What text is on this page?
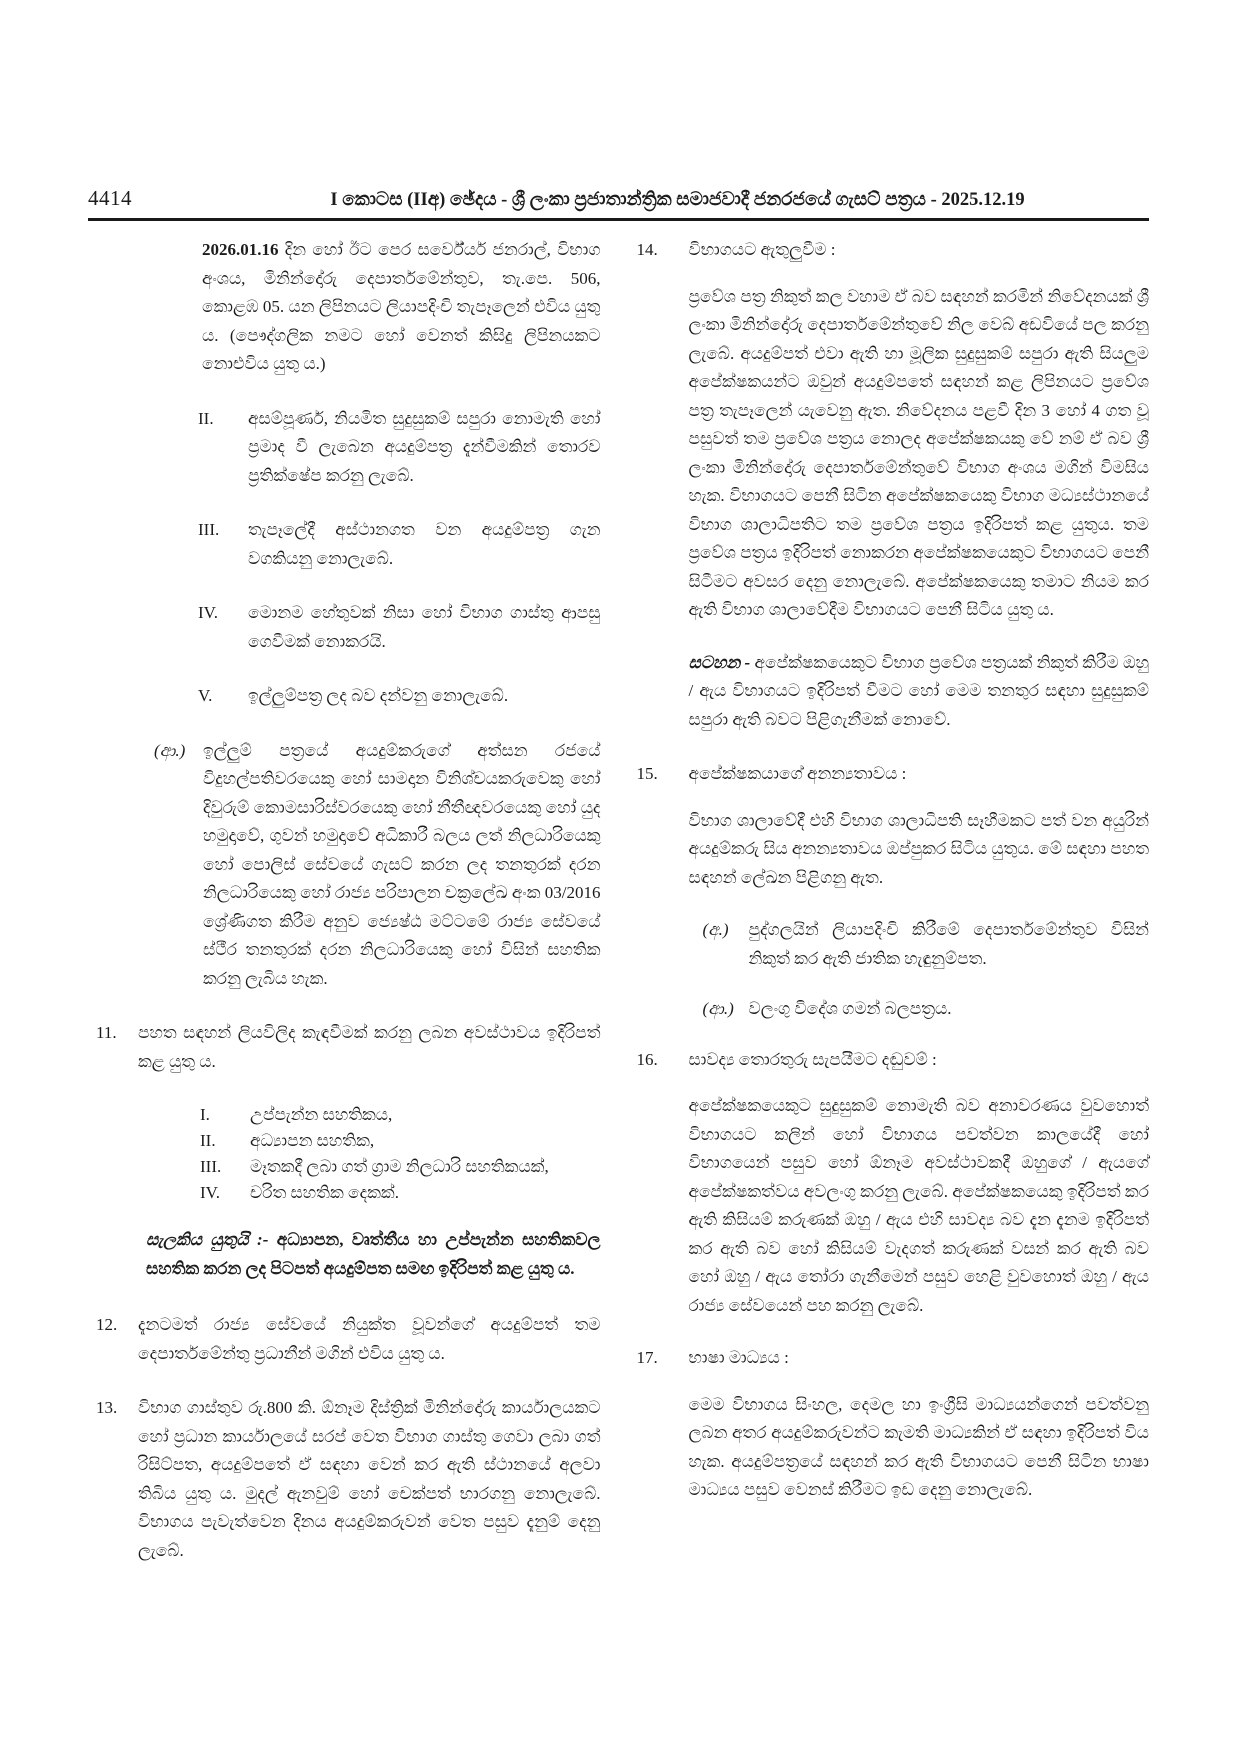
4414	I කොටස (IIඅ) ඡේදය - ශ්‍රී ලංකා ප්‍රජාතාන්ත්‍රික සමාජවාදී ජනරජයේ ගැසට් පත්‍රය - 2025.12.19

2026.01.16 දින හෝ ඊට පෙර සර්වේයර් ජනරාල්, විභාග අංශය, මිනින්දෝරු දෙපාර්තමේන්තුව, තැ.පෙ. 506, කොළඹ 05. යන ලිපිනයට ලියාපදිංචි තැපෑලෙන් එවිය යුතු ය. (පෞද්ගලික නමට හෝ වෙනත් කිසිදු ලිපිනයකට නොඑවිය යුතු ය.)

II.	අසම්පූර්ණ, නියමිත සුදුසුකම් සපුරා නොමැති හෝ ප්‍රමාද වී ලැබෙන අයදුම්පත්‍ර දැන්වීමකින් තොරව ප්‍රතික්ෂේප කරනු ලැබේ.

III.	තැපෑලේදී අස්ථානගත වන අයදුම්පත්‍ර ගැන වගකියනු නොලැබේ.

IV.	මොනම හේතුවක් නිසා හෝ විභාග ගාස්තු ආපසු ගෙවීමක් නොකරයි.

V.	ඉල්ලුම්පත්‍ර ලද බව දන්වනු නොලැබේ.

(ආ.)	ඉල්ලුම් පත්‍රයේ අයදුම්කරුගේ අත්සන රජයේ විදුහල්පතිවරයෙකු හෝ සාමදාන විනිශ්චයකරුවෙකු හෝ දිවුරුම් කොමසාරිස්වරයෙකු හෝ නීතීඥවරයෙකු හෝ යුද හමුදාවේ, ගුවන් හමුදාවේ අධිකාරී බලය ලත් නිලධාරියෙකු හෝ පොලිස් සේවයේ ගැසට් කරන ලද තනතුරක් දරන නිලධාරියෙකු හෝ රාජ්‍ය පරිපාලන චක්‍රලේඛ අංක 03/2016 ශ්‍රේණිගත කිරීම අනුව ජ්‍යෙෂ්ඨ මට්ටමේ රාජ්‍ය සේවයේ ස්ථීර තනතුරක් දරන නිලධාරියෙකු හෝ විසින් සහතික කරනු ලැබිය හැක.

11.	පහත සඳහන් ලියවිලිද කැඳවීමක් කරනු ලබන අවස්ථාවය ඉදිරිපත් කළ යුතු ය.

I.	උප්පැන්න සහතිකය,

II.	අධ්‍යාපන සහතික,

III.	මෑතකදී ලබා ගත් ග්‍රාම නිලධාරි සහතිකයක්,

IV.	චරිත සහතික දෙකක්.

සැලකිය යුතුයි :- අධ්‍යාපන, වෘත්තීය හා උප්පැන්න සහතිකවල සහතික කරන ලද පිටපත් අයදුම්පත සමඟ ඉදිරිපත් කළ යුතු ය.

12.	දැනටමත් රාජ්‍ය සේවයේ නියුක්ත වූවන්ගේ අයදුම්පත් තම දෙපාර්තමේන්තු ප්‍රධානීන් මගින් එවිය යුතු ය.

13.	විභාග ගාස්තුව රු.800 කි. ඕනෑම දිස්ත්‍රික් මිනින්දෝරු කාර්යාලයකට හෝ ප්‍රධාන කාර්යාලයේ සරප් වෙත විභාග ගාස්තු ගෙවා ලබා ගත් රිසිට්පත, අයදුම්පතේ ඒ සඳහා වෙන් කර ඇති ස්ථානයේ අලවා තිබිය යුතු ය. මුදල් ඇනවුම් හෝ චෙක්පත් භාරගනු නොලැබේ. විභාගය පැවැත්වෙන දිනය අයදුම්කරුවන් වෙත පසුව දැනුම් දෙනු ලැබේ.

14.	විභාගයට ඇතුලුවීම :

ප්‍රවේශ පත්‍ර නිකුත් කල වහාම ඒ බව සඳහන් කරමින් නිවේදනයක් ශ්‍රී ලංකා මිනින්දෝරු දෙපාර්තමේන්තුවේ නිල වෙබ් අඩවියේ පල කරනු ලැබේ. අයදුම්පත් එවා ඇති හා මූලික සුදුසුකම් සපුරා ඇති සියලුම අපේක්ෂකයන්ට ඔවුන් අයදුම්පතේ සඳහන් කළ ලිපිනයට ප්‍රවේශ පත්‍ර තැපෑලෙන් යැවෙනු ඇත. නිවේදනය පළවී දින 3 හෝ 4 ගත වූ පසුවත් තම ප්‍රවේශ පත්‍රය නොලද අපේක්ෂකයකු වේ නම් ඒ බව ශ්‍රී ලංකා මිනින්දෝරු දෙපාර්තමේන්තුවේ විභාග අංශය මගින් විමසිය හැක. විභාගයට පෙනී සිටින අපේක්ෂකයෙකු විභාග මධ්‍යස්ථානයේ විභාග ශාලාධිපතිට තම ප්‍රවේශ පත්‍රය ඉදිරිපත් කළ යුතුය. තම ප්‍රවේශ පත්‍රය ඉදිරිපත් නොකරන අපේක්ෂකයෙකුට විභාගයට පෙනී සිටීමට අවසර දෙනු නොලැබේ. අපේක්ෂකයෙකු තමාට නියම කර ඇති විභාග ශාලාවේදීම විභාගයට පෙනී සිටිය යුතු ය.

සටහන - අපේක්ෂකයෙකුට විභාග ප්‍රවේශ පත්‍රයක් නිකුත් කිරීම ඔහු / ඇය විභාගයට ඉදිරිපත් වීමට හෝ මෙම තනතුර සඳහා සුදුසුකම් සපුරා ඇති බවට පිළිගැනීමක් නොවේ.

15.	අපේක්ෂකයාගේ අනන්‍යතාවය :

විභාග ශාලාවේදී එහි විභාග ශාලාධිපති සෑහීමකට පත් වන අයුරින් අයදුම්කරු සිය අනන්‍යතාවය ඔප්පුකර සිටිය යුතුය. මේ සඳහා පහත සඳහන් ලේඛන පිළිගනු ඇත.

(අ.)	පුද්ගලයින් ලියාපදිංචි කිරීමේ දෙපාර්තමේන්තුව විසින් නිකුත් කර ඇති ජාතික හැඳුනුම්පත.

(ආ.) වලංගු විදේශ ගමන් බලපත්‍රය.

16.	සාවද්‍ය තොරතුරු සැපයීමට දඬුවම් :

අපේක්ෂකයෙකුට සුදුසුකම් නොමැති බව අනාවරණය වුවහොත් විභාගයට කලින් හෝ විභාගය පවත්වන කාලයේදී හෝ විභාගයෙන් පසුව හෝ ඕනෑම අවස්ථාවකදී ඔහුගේ / ඇයගේ අපේක්ෂකත්වය අවලංගු කරනු ලැබේ. අපේක්ෂකයෙකු ඉදිරිපත් කර ඇති කිසියම් කරුණක් ඔහු / ඇය එහි සාවද්‍ය බව දැන දැනම ඉදිරිපත් කර ඇති බව හෝ කිසියම් වැදගත් කරුණක් වසන් කර ඇති බව හෝ ඔහු / ඇය තෝරා ගැනීමෙන් පසුව හෙළි වුවහොත් ඔහු / ඇය රාජ්‍ය සේවයෙන් පහ කරනු ලැබේ.

17.	භාෂා මාධ්‍යය :

මෙම විභාගය සිංහල, දෙමල හා ඉංග්‍රීසි මාධ්‍යයන්ගෙන් පවත්වනු ලබන අතර අයදුම්කරුවන්ට කැමති මාධ්‍යකින් ඒ සඳහා ඉදිරිපත් විය හැක. අයදුම්පත්‍රයේ සඳහන් කර ඇති විභාගයට පෙනී සිටින භාෂා මාධ්‍යය පසුව වෙනස් කිරීමට ඉඩ දෙනු නොලැබේ.
